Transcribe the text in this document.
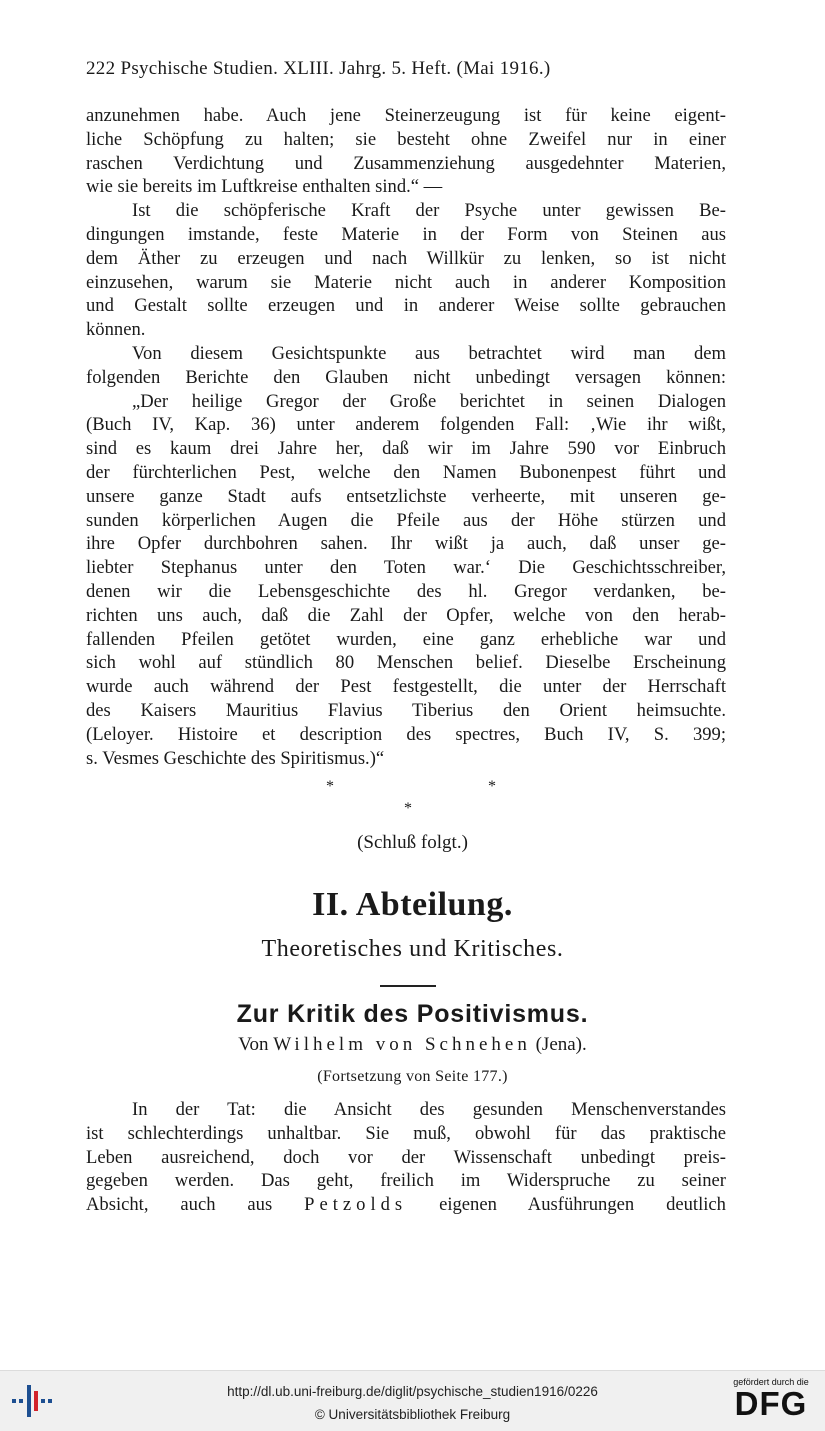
222 Psychische Studien. XLIII. Jahrg. 5. Heft. (Mai 1916.)
anzunehmen habe. Auch jene Steinerzeugung ist für keine eigent-
liche Schöpfung zu halten; sie besteht ohne Zweifel nur in einer
raschen Verdichtung und Zusammenziehung ausgedehnter Materien,
wie sie bereits im Luftkreise enthalten sind.“ —
Ist die schöpferische Kraft der Psyche unter gewissen Be-
dingungen imstande, feste Materie in der Form von Steinen aus
dem Äther zu erzeugen und nach Willkür zu lenken, so ist nicht
einzusehen, warum sie Materie nicht auch in anderer Komposition
und Gestalt sollte erzeugen und in anderer Weise sollte gebrauchen
können.
Von diesem Gesichtspunkte aus betrachtet wird man dem
folgenden Berichte den Glauben nicht unbedingt versagen können:
„Der heilige Gregor der Große berichtet in seinen Dialogen
(Buch IV, Kap. 36) unter anderem folgenden Fall: ‚Wie ihr wißt,
sind es kaum drei Jahre her, daß wir im Jahre 590 vor Einbruch
der fürchterlichen Pest, welche den Namen Bubonenpest führt und
unsere ganze Stadt aufs entsetzlichste verheerte, mit unseren ge-
sunden körperlichen Augen die Pfeile aus der Höhe stürzen und
ihre Opfer durchbohren sahen. Ihr wißt ja auch, daß unser ge-
liebter Stephanus unter den Toten war.‘ Die Geschichtsschreiber,
denen wir die Lebensgeschichte des hl. Gregor verdanken, be-
richten uns auch, daß die Zahl der Opfer, welche von den herab-
fallenden Pfeilen getötet wurden, eine ganz erhebliche war und
sich wohl auf stündlich 80 Menschen belief. Dieselbe Erscheinung
wurde auch während der Pest festgestellt, die unter der Herrschaft
des Kaisers Mauritius Flavius Tiberius den Orient heimsuchte.
(Leloyer. Histoire et description des spectres, Buch IV, S. 399;
s. Vesmes Geschichte des Spiritismus.)“
*	*
*
(Schluß folgt.)
II. Abteilung.
Theoretisches und Kritisches.
Zur Kritik des Positivismus.
Von Wilhelm von Schnehen (Jena).
(Fortsetzung von Seite 177.)
In der Tat: die Ansicht des gesunden Menschenverstandes
ist schlechterdings unhaltbar. Sie muß, obwohl für das praktische
Leben ausreichend, doch vor der Wissenschaft unbedingt preis-
gegeben werden. Das geht, freilich im Widerspruche zu seiner
Absicht, auch aus Petzolds eigenen Ausführungen deutlich
http://dl.ub.uni-freiburg.de/diglit/psychische_studien1916/0226
© Universitätsbibliothek Freiburg
gefördert durch die
DFG
